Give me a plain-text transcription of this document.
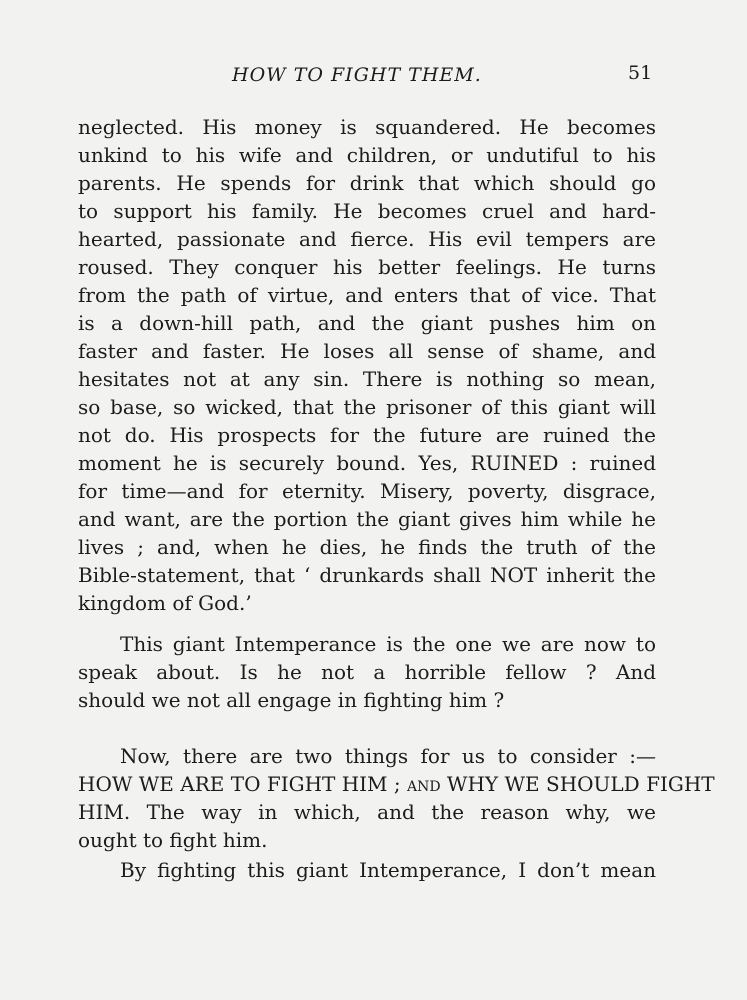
HOW TO FIGHT THEM.	51
neglected. His money is squandered. He becomes
unkind to his wife and children, or undutiful to his
parents. He spends for drink that which should go
to support his family. He becomes cruel and hard-
hearted, passionate and fierce. His evil tempers are
roused. They conquer his better feelings. He turns
from the path of virtue, and enters that of vice. That
is a down-hill path, and the giant pushes him on
faster and faster. He loses all sense of shame, and
hesitates not at any sin. There is nothing so mean,
so base, so wicked, that the prisoner of this giant will
not do. His prospects for the future are ruined the
moment he is securely bound. Yes, RUINED : ruined
for time—and for eternity. Misery, poverty, disgrace,
and want, are the portion the giant gives him while he
lives ; and, when he dies, he finds the truth of the
Bible-statement, that ‘ drunkards shall NOT inherit the
kingdom of God.’
This giant Intemperance is the one we are now to
speak about. Is he not a horrible fellow ? And
should we not all engage in fighting him ?
Now, there are two things for us to consider :—
HOW WE ARE TO FIGHT HIM ; and WHY WE SHOULD FIGHT
HIM. The way in which, and the reason why, we
ought to fight him.
By fighting this giant Intemperance, I don’t mean
